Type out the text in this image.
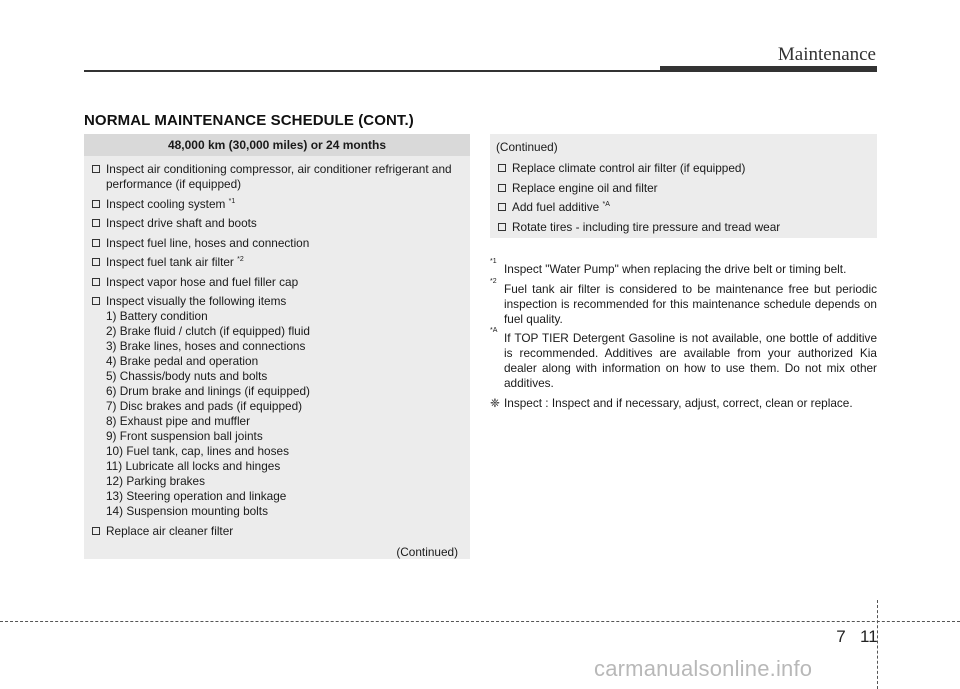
Maintenance
NORMAL MAINTENANCE SCHEDULE (CONT.)
48,000 km (30,000 miles) or 24 months
Inspect air conditioning compressor, air conditioner refrigerant and performance (if equipped)
Inspect cooling system $^{*1}$
Inspect drive shaft and boots
Inspect fuel line, hoses and connection
Inspect fuel tank air filter $^{*2}$
Inspect vapor hose and fuel filler cap
Inspect visually the following items
1) Battery condition
2) Brake fluid / clutch (if equipped) fluid
3) Brake lines, hoses and connections
4) Brake pedal and operation
5) Chassis/body nuts and bolts
6) Drum brake and linings (if equipped)
7) Disc brakes and pads (if equipped)
8) Exhaust pipe and muffler
9) Front suspension ball joints
10) Fuel tank, cap, lines and hoses
11) Lubricate all locks and hinges
12) Parking brakes
13) Steering operation and linkage
14) Suspension mounting bolts
Replace air cleaner filter
(Continued)
(Continued)
Replace climate control air filter (if equipped)
Replace engine oil and filter
Add fuel additive $^{*A}$
Rotate tires - including tire pressure and tread wear
*1
Inspect "Water Pump" when replacing the drive belt or timing belt.
*2
Fuel tank air filter is considered to be maintenance free but periodic inspection is recommended for this maintenance schedule depends on fuel quality.
*A
If TOP TIER Detergent Gasoline is not available, one bottle of additive is recommended. Additives are available from your authorized Kia dealer along with information on how to use them. Do not mix other additives.
❈ Inspect : Inspect and if necessary, adjust, correct, clean or replace.
7 11
carmanualsonline.info
